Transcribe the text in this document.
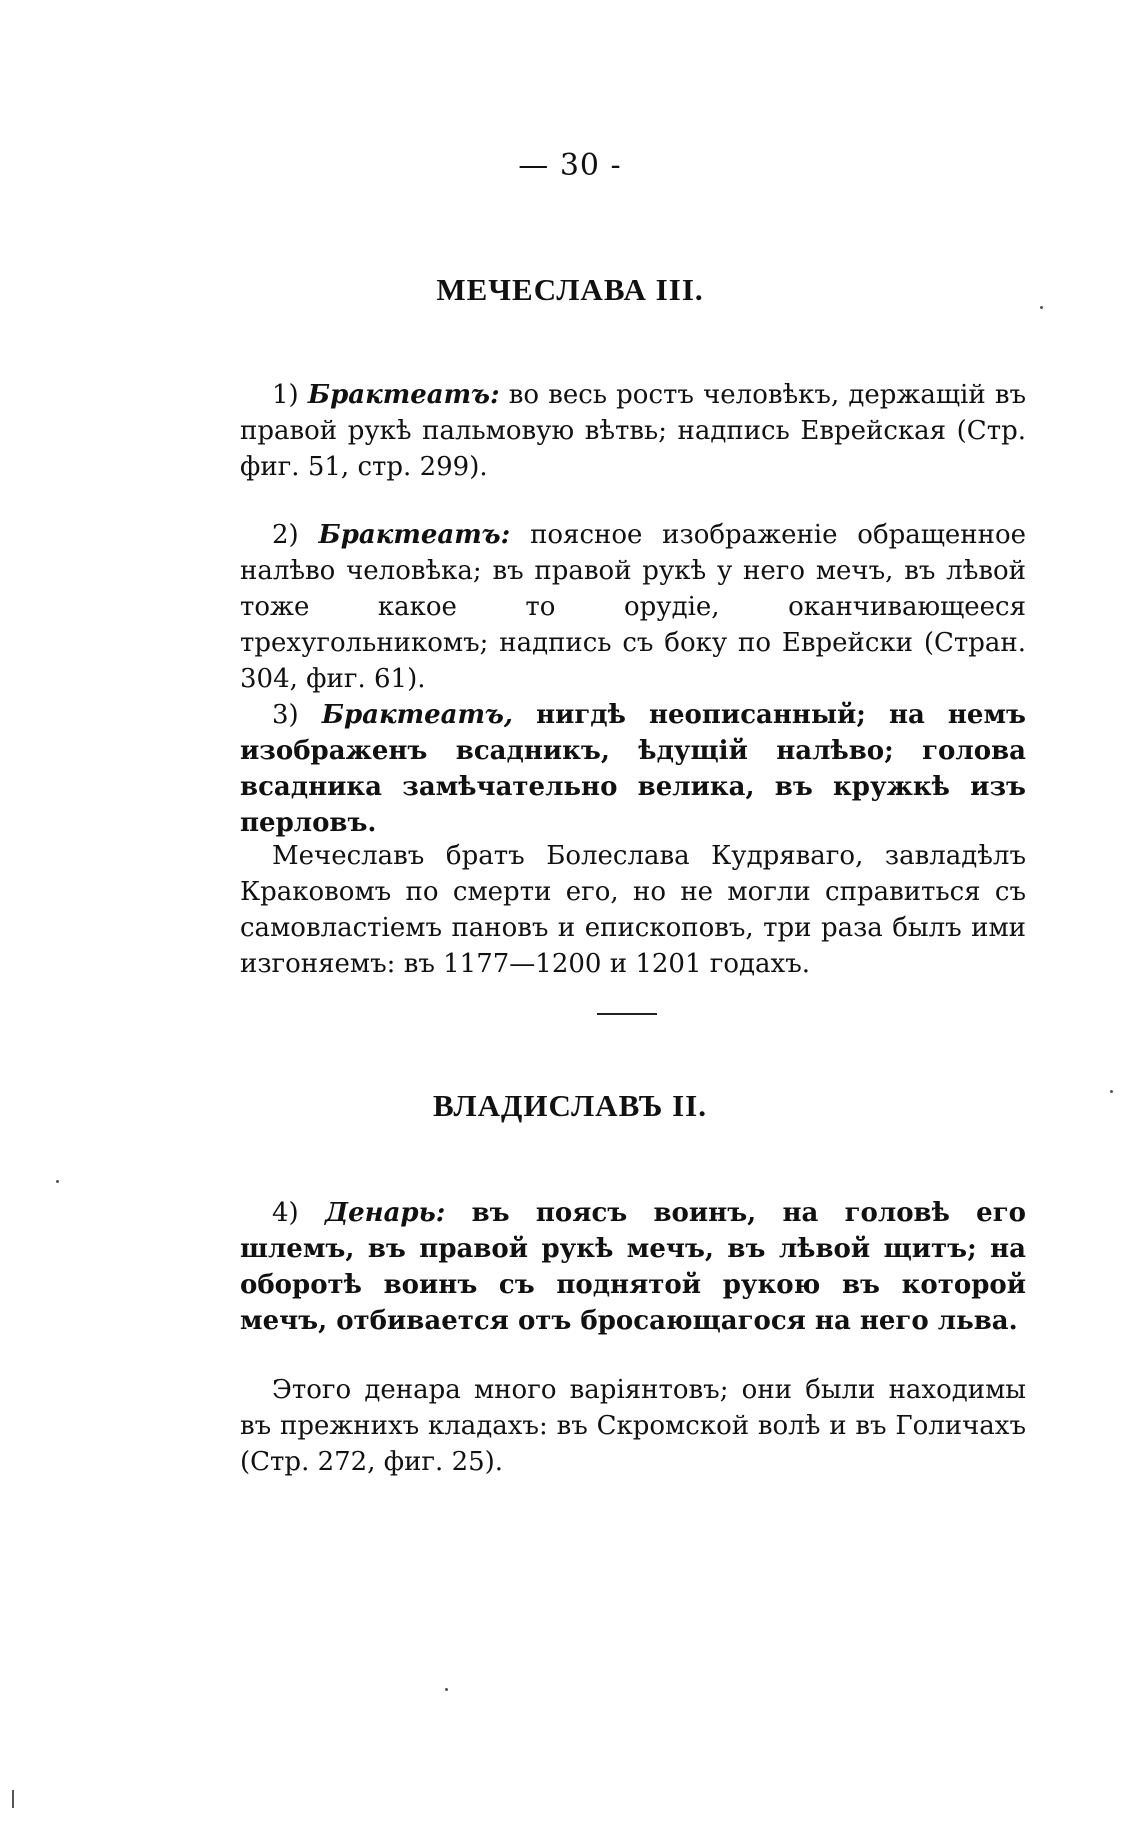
— 30 -
МЕЧЕСЛАВА III.

1) Брактеатъ: во весь ростъ человѣкъ, держащій въ правой рукѣ пальмовую вѣтвь; надпись Еврейская (Стр. фиг. 51, стр. 299).

2) Брактеатъ: поясное изображеніе обращенное налѣво человѣка; въ правой рукѣ у него мечъ, въ лѣвой тоже какое то орудіе, оканчивающееся трехугольникомъ; надпись съ боку по Еврейски (Стран. 304, фиг. 61).

3) Брактеатъ, нигдѣ неописанный; на немъ изображенъ всадникъ, ѣдущій налѣво; голова всадника замѣчательно велика, въ кружкѣ изъ перловъ.

Мечеславъ братъ Болеслава Кудряваго, завладѣлъ Краковомъ по смерти его, но не могли справиться съ самовластіемъ пановъ и епископовъ, три раза былъ ими изгоняемъ: въ 1177—1200 и 1201 годахъ.

ВЛАДИСЛАВЪ II.

4) Денарь: въ поясъ воинъ, на головѣ его шлемъ, въ правой рукѣ мечъ, въ лѣвой щитъ; на оборотѣ воинъ съ поднятой рукою въ которой мечъ, отбивается отъ бросающагося на него льва.

Этого денара много варіянтовъ; они были находимы въ прежнихъ кладахъ: въ Скромской волѣ и въ Голичахъ (Стр. 272, фиг. 25).
